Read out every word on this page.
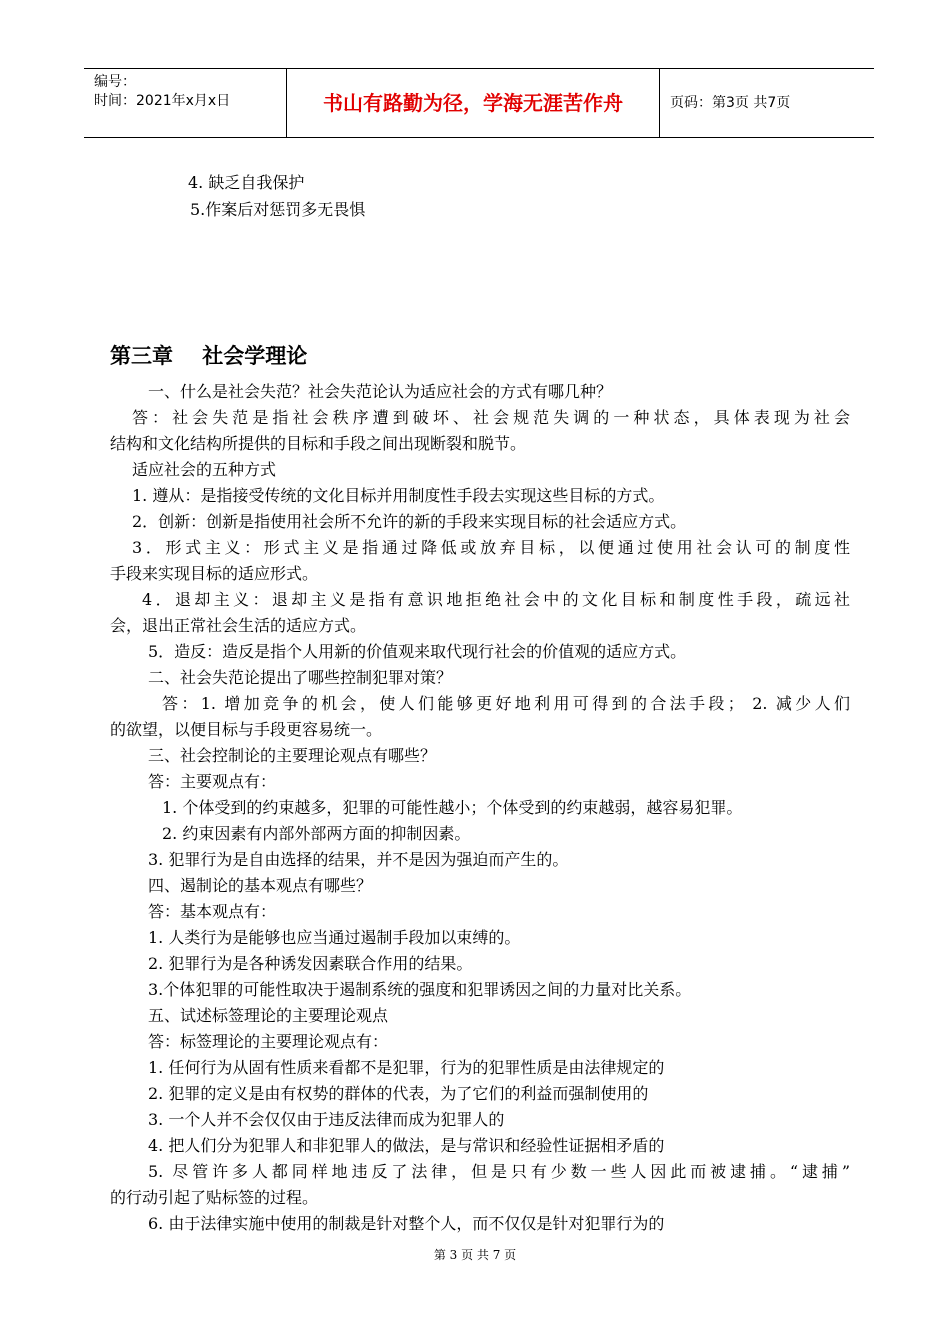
编号：
时间：2021年x月x日	书山有路勤为径，学海无涯苦作舟	页码：第3页 共7页
4. 缺乏自我保护
5.作案后对惩罚多无畏惧
第三章    社会学理论
一、什么是社会失范？社会失范论认为适应社会的方式有哪几种？
答：社会失范是指社会秩序遭到破坏、社会规范失调的一种状态，具体表现为社会
结构和文化结构所提供的目标和手段之间出现断裂和脱节。
适应社会的五种方式
1. 遵从：是指接受传统的文化目标并用制度性手段去实现这些目标的方式。
2．创新：创新是指使用社会所不允许的新的手段来实现目标的社会适应方式。
3．形式主义：形式主义是指通过降低或放弃目标，以便通过使用社会认可的制度性
手段来实现目标的适应形式。
4．退却主义：退却主义是指有意识地拒绝社会中的文化目标和制度性手段，疏远社
会，退出正常社会生活的适应方式。
5．造反：造反是指个人用新的价值观来取代现行社会的价值观的适应方式。
二、社会失范论提出了哪些控制犯罪对策？
答：1. 增加竞争的机会，使人们能够更好地利用可得到的合法手段； 2. 减少人们
的欲望，以便目标与手段更容易统一。
三、社会控制论的主要理论观点有哪些？
答：主要观点有：
1. 个体受到的约束越多，犯罪的可能性越小；个体受到的约束越弱，越容易犯罪。
2. 约束因素有内部外部两方面的抑制因素。
3. 犯罪行为是自由选择的结果，并不是因为强迫而产生的。
四、遏制论的基本观点有哪些？
答：基本观点有：
1. 人类行为是能够也应当通过遏制手段加以束缚的。
2. 犯罪行为是各种诱发因素联合作用的结果。
3.个体犯罪的可能性取决于遏制系统的强度和犯罪诱因之间的力量对比关系。
五、试述标签理论的主要理论观点
答：标签理论的主要理论观点有：
1. 任何行为从固有性质来看都不是犯罪，行为的犯罪性质是由法律规定的
2. 犯罪的定义是由有权势的群体的代表，为了它们的利益而强制使用的
3. 一个人并不会仅仅由于违反法律而成为犯罪人的
4. 把人们分为犯罪人和非犯罪人的做法，是与常识和经验性证据相矛盾的
5. 尽管许多人都同样地违反了法律，但是只有少数一些人因此而被逮捕。“逮捕”
的行动引起了贴标签的过程。
6. 由于法律实施中使用的制裁是针对整个人，而不仅仅是针对犯罪行为的
第 3 页 共 7 页
